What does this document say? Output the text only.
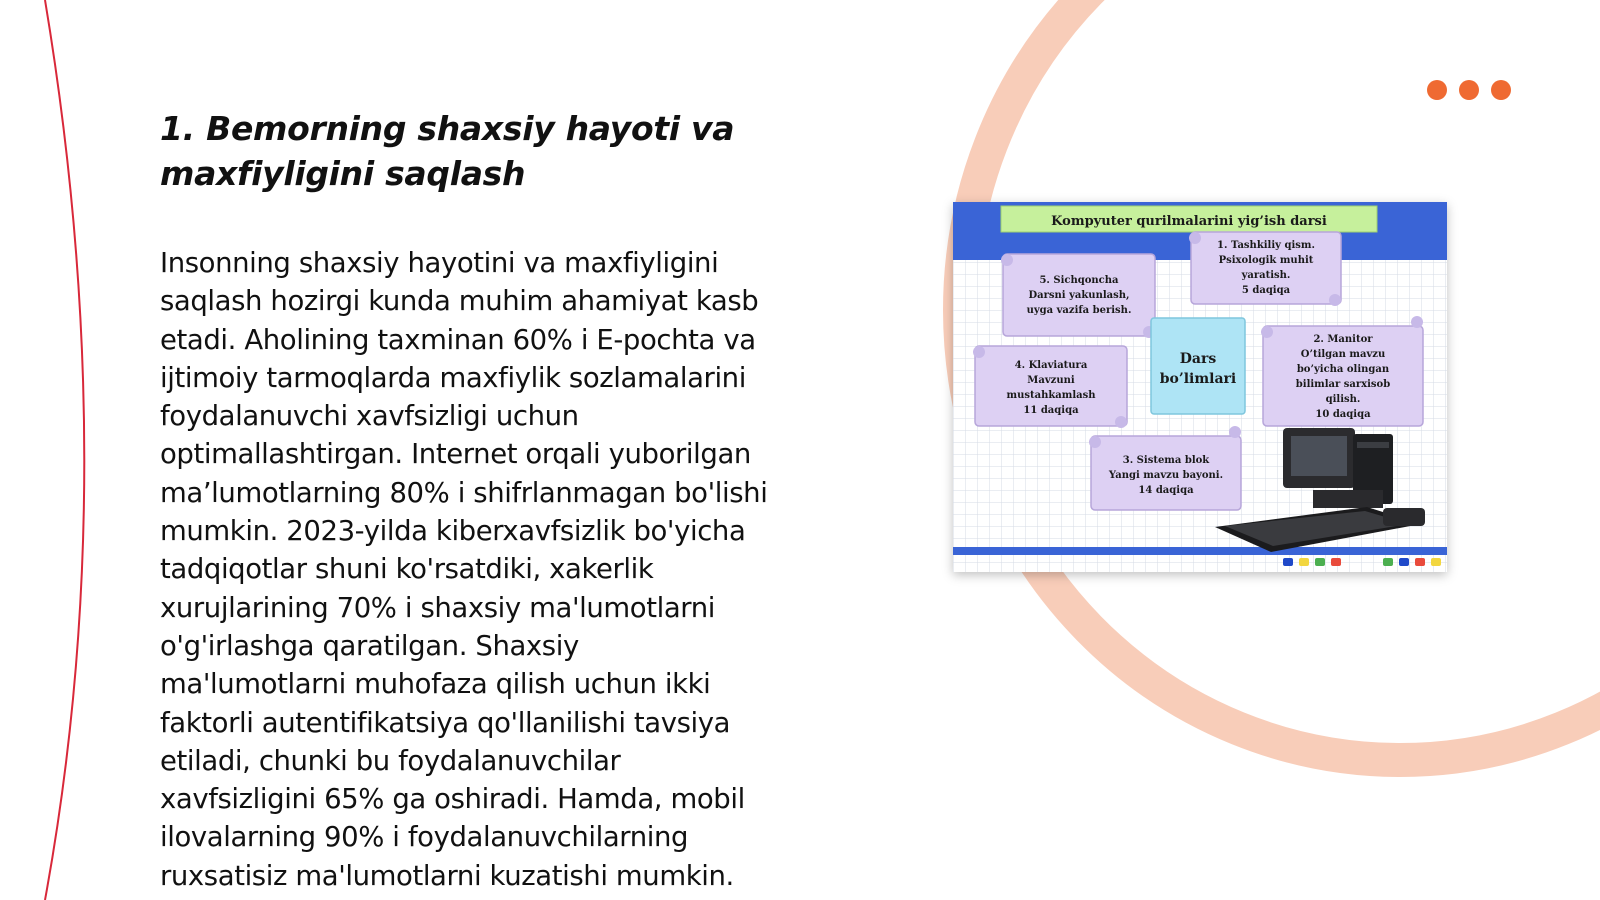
1. Bemorning shaxsiy hayoti va
maxfiyligini saqlash

Insonning shaxsiy hayotini va maxfiyligini
saqlash hozirgi kunda muhim ahamiyat kasb
etadi. Aholining taxminan 60% i E-pochta va
ijtimoiy tarmoqlarda maxfiylik sozlamalarini
foydalanuvchi xavfsizligi uchun
optimallashtirgan. Internet orqali yuborilgan
ma’lumotlarning 80% i shifrlanmagan bo'lishi
mumkin. 2023-yilda kiberxavfsizlik bo'yicha
tadqiqotlar shuni ko'rsatdiki, xakerlik
xurujlarining 70% i shaxsiy ma'lumotlarni
o'g'irlashga qaratilgan. Shaxsiy
ma'lumotlarni muhofaza qilish uchun ikki
faktorli autentifikatsiya qo'llanilishi tavsiya
etiladi, chunki bu foydalanuvchilar
xavfsizligini 65% ga oshiradi. Hamda, mobil
ilovalarning 90% i foydalanuvchilarning
ruxsatisiz ma'lumotlarni kuzatishi mumkin.

Kompyuter qurilmalarini yig’ish darsi
5. Sichqoncha
Darsni yakunlash,
uyga vazifa berish.
1. Tashkiliy qism.
Psixologik muhit
yaratish.
5 daqiqa
Dars
bo’limlari
4. Klaviatura
Mavzuni
mustahkamlash
11 daqiqa
2. Manitor
O’tilgan mavzu
bo’yicha olingan
bilimlar sarxisob
qilish.
10 daqiqa
3. Sistema blok
Yangi mavzu bayoni.
14 daqiqa
